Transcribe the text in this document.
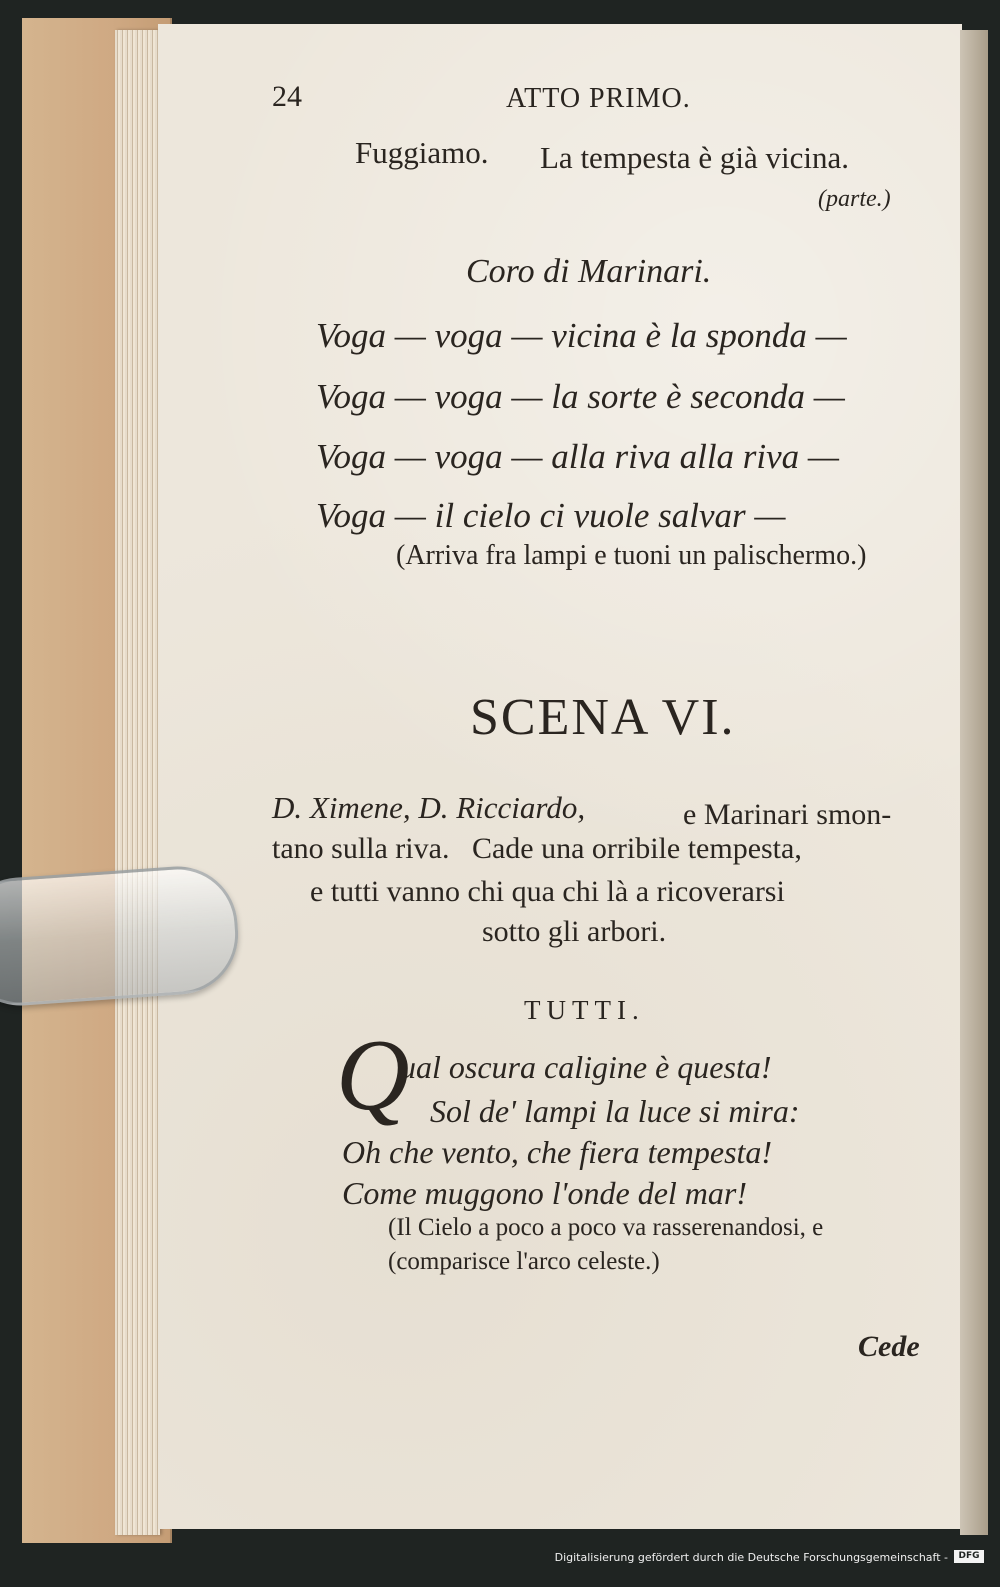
24	ATTO PRIMO.
Fuggiamo. La tempesta è già vicina.
(parte.)
Coro di Marinari.
Voga — voga — vicina è la sponda —
Voga — voga — la sorte è seconda —
Voga — voga — alla riva alla riva —
Voga — il cielo ci vuole salvar —
(Arriva fra lampi e tuoni un palischermo.)
SCENA VI.
D. Ximene, D. Ricciardo,	e Marinari smon-
tano sulla riva.   Cade una orribile tempesta,
e tutti vanno chi qua chi là a ricoverarsi
sotto gli arbori.
TUTTI.
Q
ual oscura caligine è questa!
Sol de' lampi la luce si mira:
Oh che vento, che fiera tempesta!
Come muggono l'onde del mar!
(Il Cielo a poco a poco va rasserenandosi, e
(comparisce l'arco celeste.)
Cede
Digitalisierung gefördert durch die Deutsche Forschungsgemeinschaft -	DFG
